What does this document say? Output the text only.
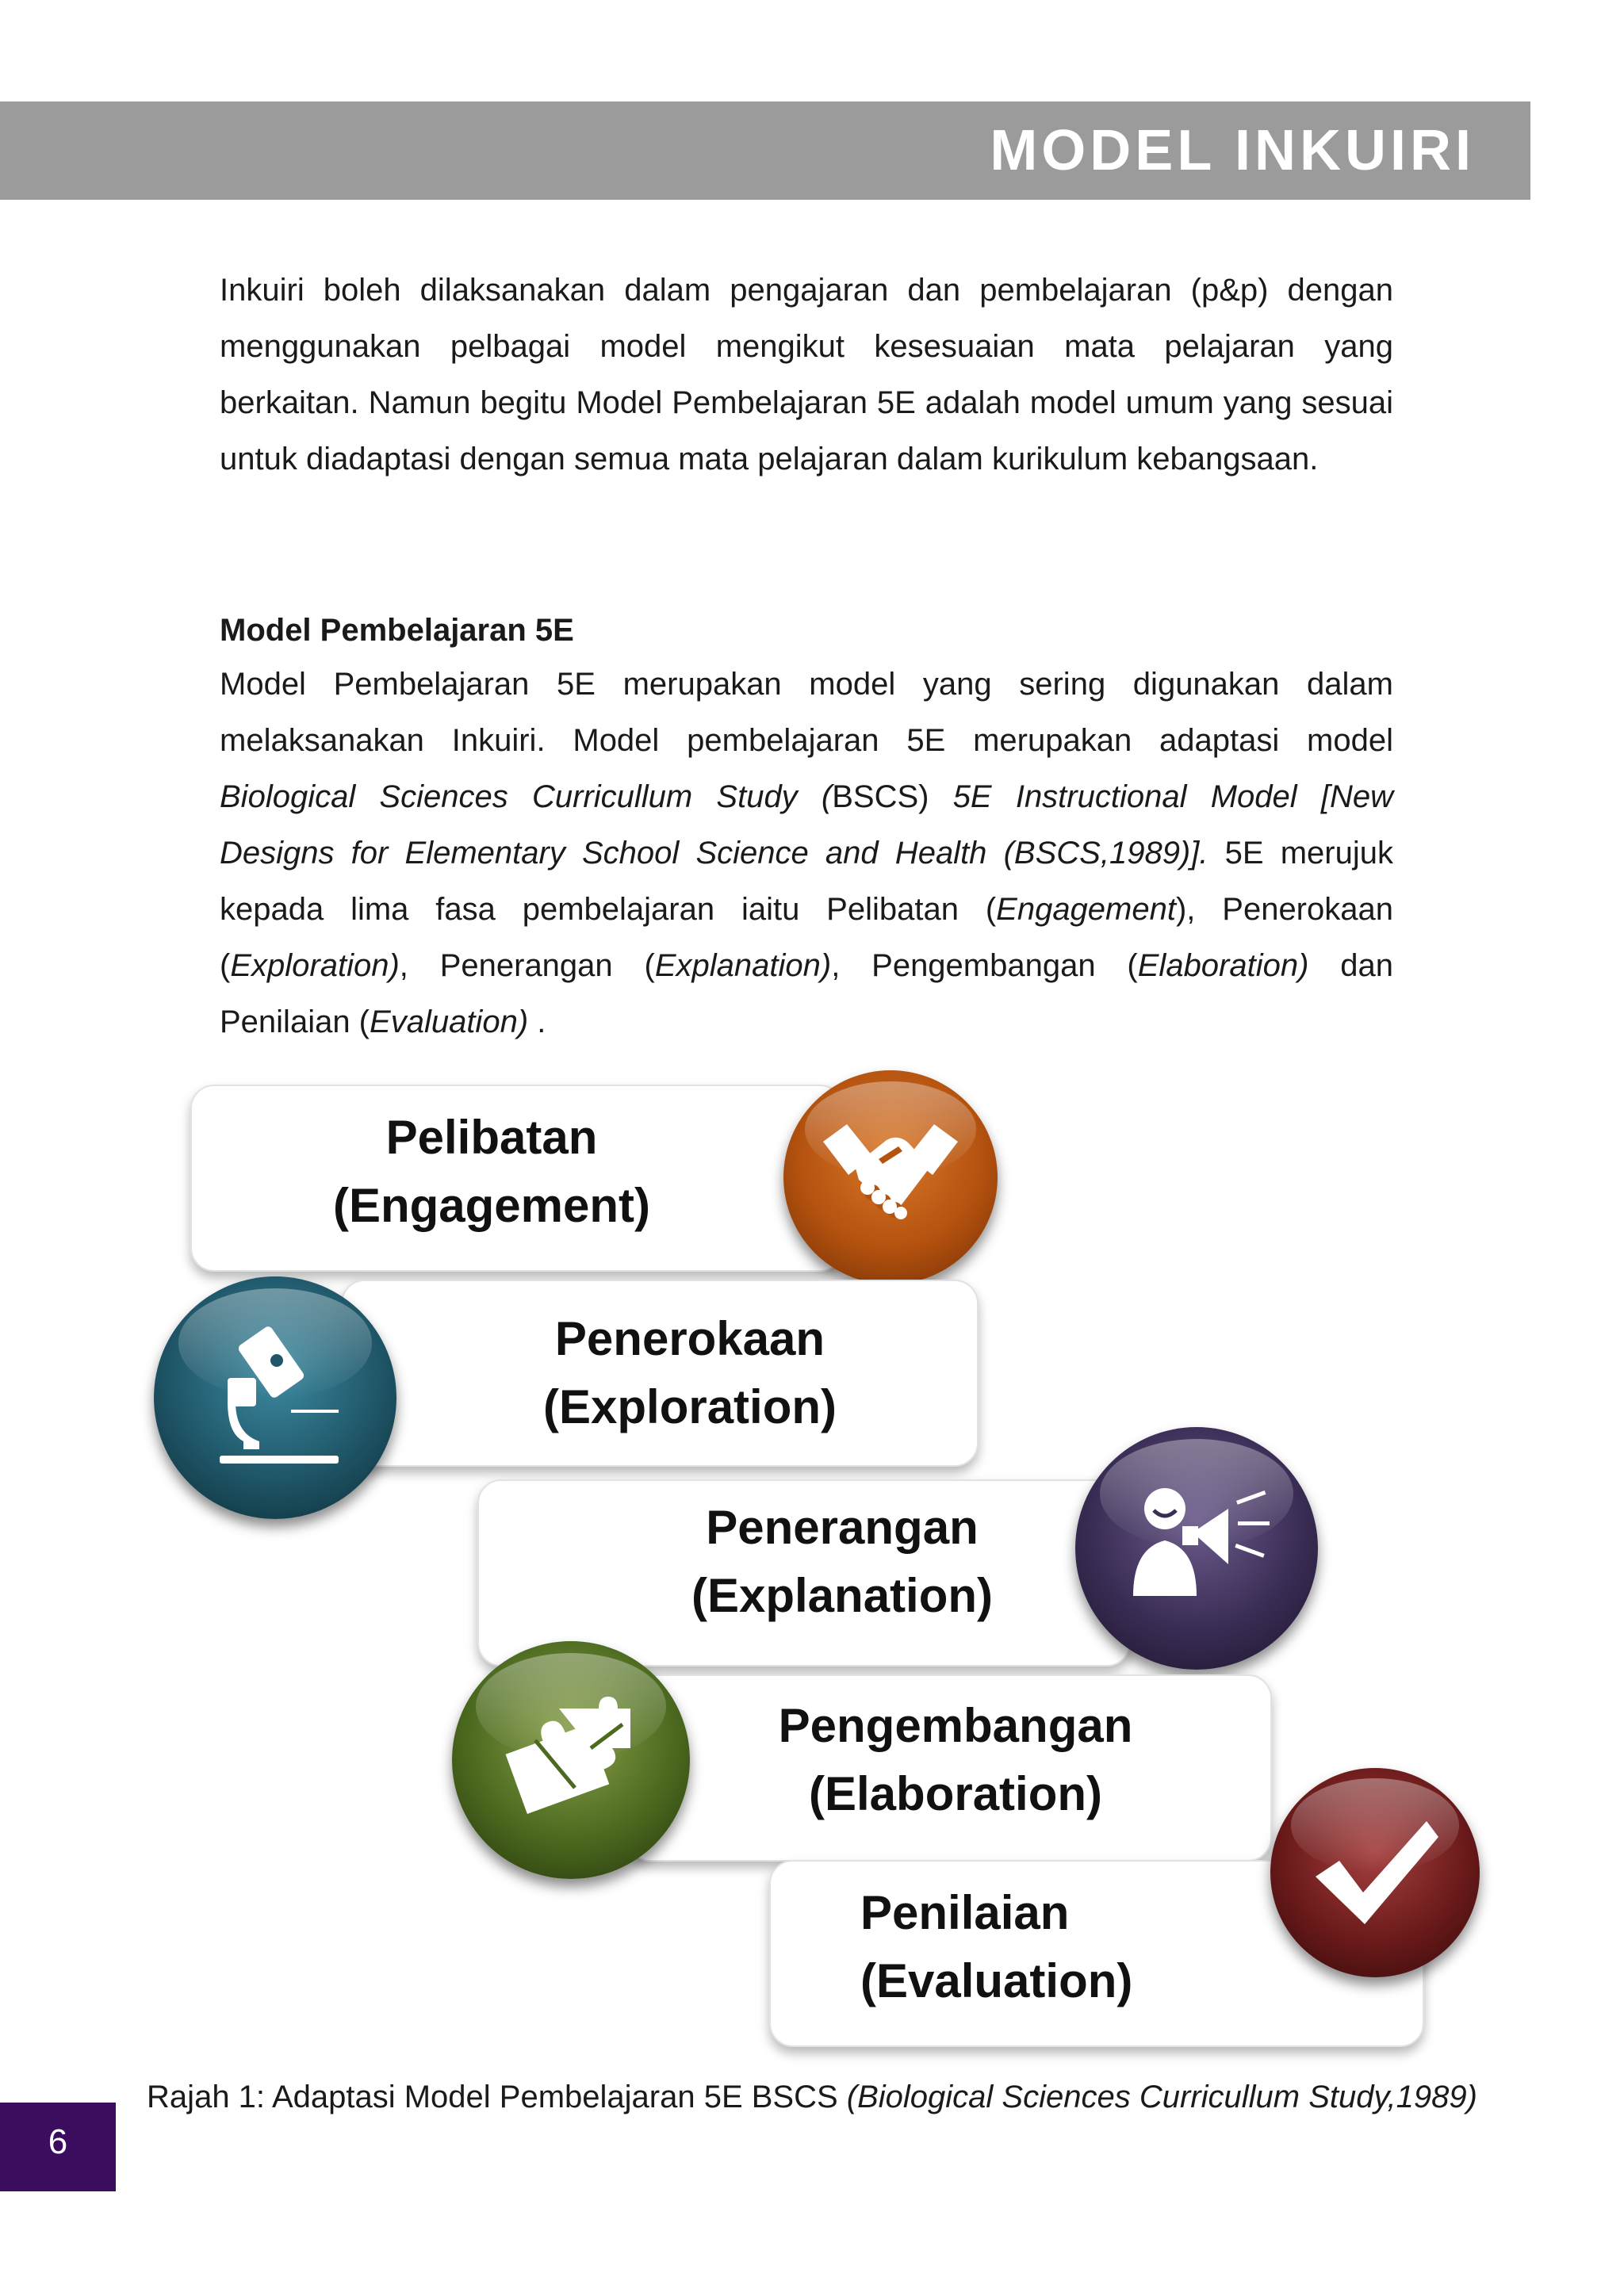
MODEL INKUIRI

Inkuiri boleh dilaksanakan dalam pengajaran dan pembelajaran (p&p) dengan menggunakan pelbagai model mengikut kesesuaian mata pelajaran yang berkaitan. Namun begitu Model Pembelajaran 5E adalah model umum yang sesuai untuk diadaptasi dengan semua mata pelajaran dalam kurikulum kebangsaan.

Model Pembelajaran 5E

Model Pembelajaran 5E merupakan model yang sering digunakan dalam melaksanakan Inkuiri. Model pembelajaran 5E merupakan adaptasi model Biological Sciences Curricullum Study (BSCS) 5E Instructional Model [New Designs for Elementary School Science and Health (BSCS,1989)]. 5E merujuk kepada lima fasa pembelajaran iaitu Pelibatan (Engagement), Penerokaan (Exploration), Penerangan (Explanation), Pengembangan (Elaboration) dan Penilaian (Evaluation) .

Pelibatan
(Engagement)
Penerokaan
(Exploration)
Penerangan
(Explanation)
Pengembangan
(Elaboration)
Penilaian
(Evaluation)
Rajah 1: Adaptasi Model Pembelajaran 5E BSCS (Biological Sciences Curricullum Study,1989)
6
